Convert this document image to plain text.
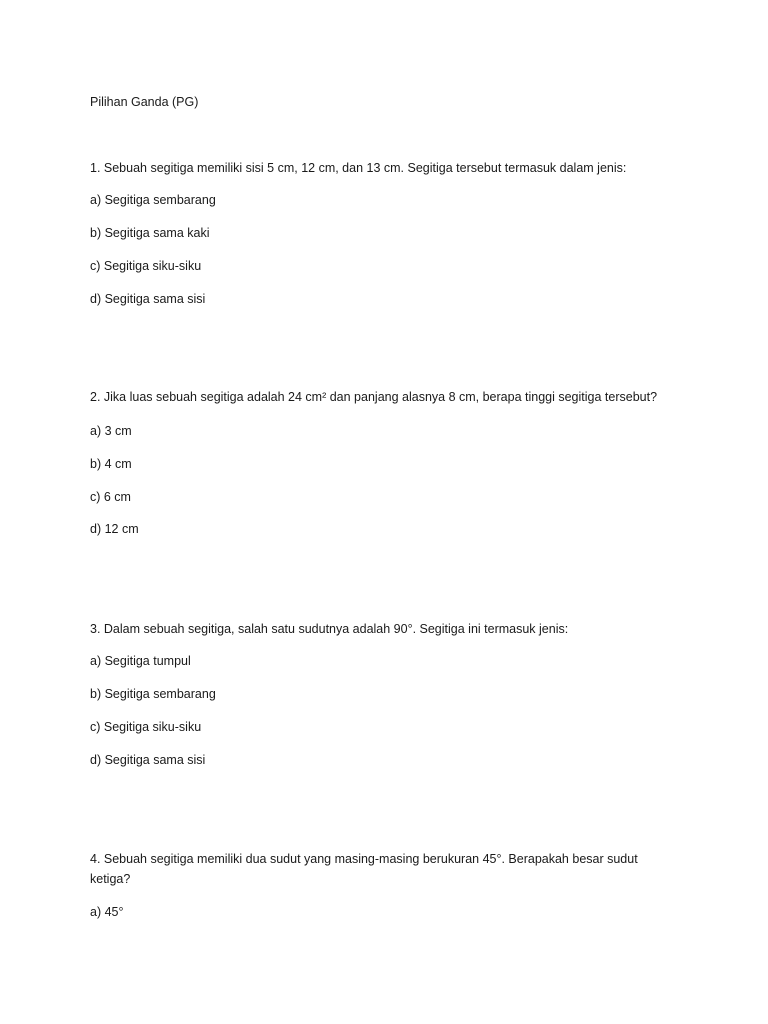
Pilihan Ganda (PG)
1. Sebuah segitiga memiliki sisi 5 cm, 12 cm, dan 13 cm. Segitiga tersebut termasuk dalam jenis:
a) Segitiga sembarang
b) Segitiga sama kaki
c) Segitiga siku-siku
d) Segitiga sama sisi
2. Jika luas sebuah segitiga adalah 24 cm² dan panjang alasnya 8 cm, berapa tinggi segitiga tersebut?
a) 3 cm
b) 4 cm
c) 6 cm
d) 12 cm
3. Dalam sebuah segitiga, salah satu sudutnya adalah 90°. Segitiga ini termasuk jenis:
a) Segitiga tumpul
b) Segitiga sembarang
c) Segitiga siku-siku
d) Segitiga sama sisi
4. Sebuah segitiga memiliki dua sudut yang masing-masing berukuran 45°. Berapakah besar sudut ketiga?
a) 45°
